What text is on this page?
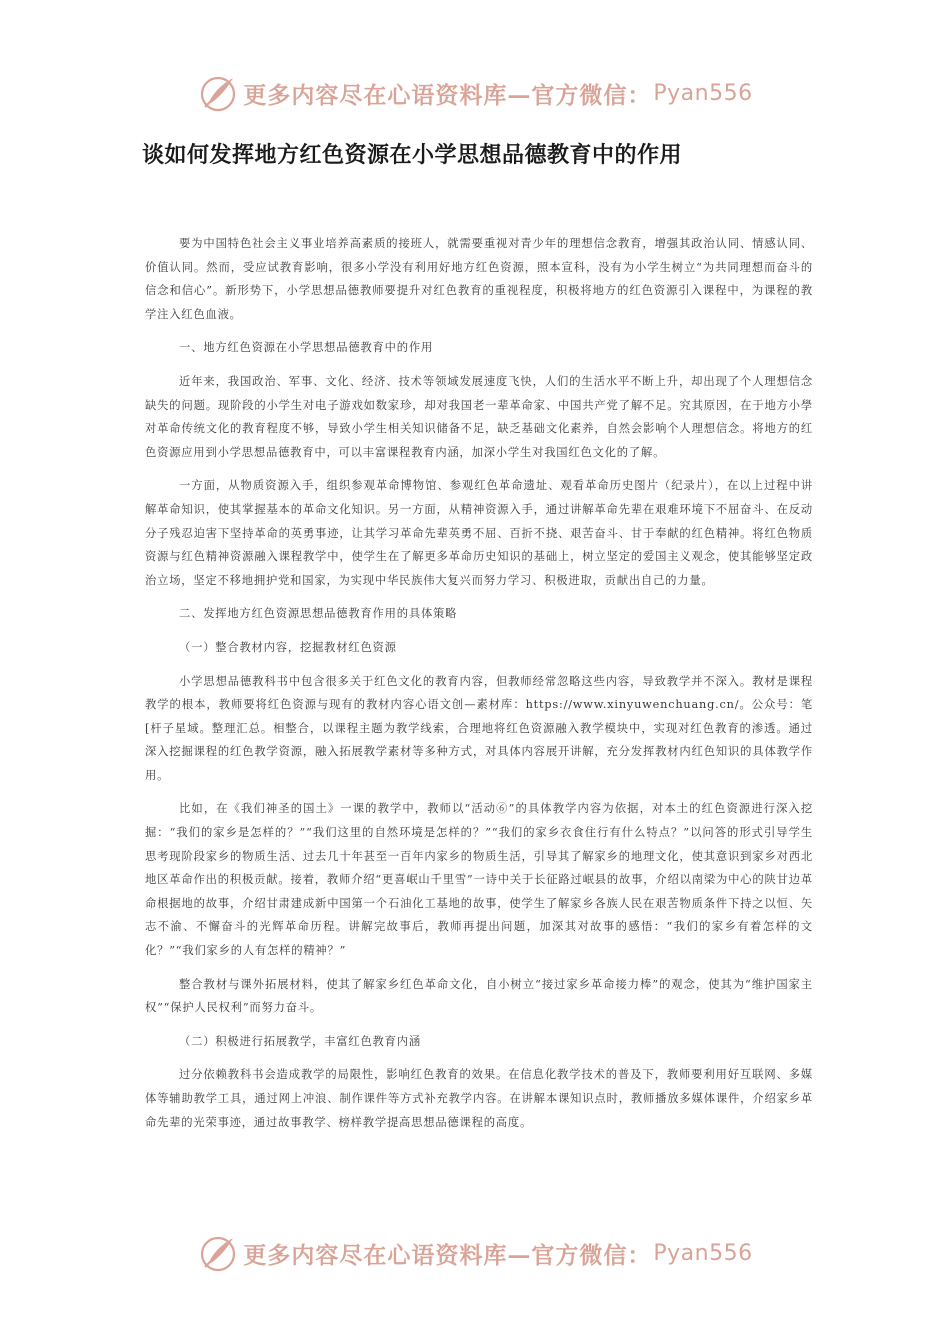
更多内容尽在心语资料库—官方微信： Pyan556
谈如何发挥地方红色资源在小学思想品德教育中的作用
要为中国特色社会主义事业培养高素质的接班人，就需要重视对青少年的理想信念教育，增强其政治认同、情感认同、价值认同。然而，受应试教育影响，很多小学没有利用好地方红色资源，照本宣科，没有为小学生树立“为共同理想而奋斗的信念和信心”。新形势下，小学思想品德教师要提升对红色教育的重视程度，积极将地方的红色资源引入课程中，为课程的教学注入红色血液。
一、地方红色资源在小学思想品德教育中的作用
近年来，我国政治、军事、文化、经济、技术等领域发展速度飞快，人们的生活水平不断上升，却出现了个人理想信念缺失的问题。现阶段的小学生对电子游戏如数家珍，却对我国老一辈革命家、中国共产党了解不足。究其原因，在于地方小學对革命传统文化的教育程度不够，导致小学生相关知识储备不足，缺乏基础文化素养，自然会影响个人理想信念。将地方的红色资源应用到小学思想品德教育中，可以丰富课程教育内涵，加深小学生对我国红色文化的了解。
一方面，从物质资源入手，组织参观革命博物馆、参观红色革命遗址、观看革命历史图片（纪录片），在以上过程中讲解革命知识，使其掌握基本的革命文化知识。另一方面，从精神资源入手，通过讲解革命先辈在艰难环境下不屈奋斗、在反动分子残忍迫害下坚持革命的英勇事迹，让其学习革命先辈英勇不屈、百折不挠、艰苦奋斗、甘于奉献的红色精神。将红色物质资源与红色精神资源融入课程教学中，使学生在了解更多革命历史知识的基础上，树立坚定的爱国主义观念，使其能够坚定政治立场，坚定不移地拥护党和国家，为实现中华民族伟大复兴而努力学习、积极进取，贡献出自己的力量。
二、发挥地方红色资源思想品德教育作用的具体策略
（一）整合教材内容，挖掘教材红色资源
小学思想品德教科书中包含很多关于红色文化的教育内容，但教师经常忽略这些内容，导致教学并不深入。教材是课程教学的根本，教师要将红色资源与现有的教材内容心语文创—素材库：https://www.xinyuwenchuang.cn/。公众号：笔[杆子星域。整理汇总。相整合，以课程主题为教学线索，合理地将红色资源融入教学模块中，实现对红色教育的渗透。通过深入挖掘课程的红色教学资源，融入拓展教学素材等多种方式，对具体内容展开讲解，充分发挥教材内红色知识的具体教学作用。
比如，在《我们神圣的国土》一课的教学中，教师以“活动⑥”的具体教学内容为依据，对本土的红色资源进行深入挖掘：“我们的家乡是怎样的？”“我们这里的自然环境是怎样的？”“我们的家乡衣食住行有什么特点？”以问答的形式引导学生思考现阶段家乡的物质生活、过去几十年甚至一百年内家乡的物质生活，引导其了解家乡的地理文化，使其意识到家乡对西北地区革命作出的积极贡献。接着，教师介绍“更喜岷山千里雪”一诗中关于长征路过岷县的故事，介绍以南梁为中心的陕甘边革命根据地的故事，介绍甘肃建成新中国第一个石油化工基地的故事，使学生了解家乡各族人民在艰苦物质条件下持之以恒、矢志不渝、不懈奋斗的光辉革命历程。讲解完故事后，教师再提出问题，加深其对故事的感悟：“我们的家乡有着怎样的文化？”“我们家乡的人有怎样的精神？”
整合教材与课外拓展材料，使其了解家乡红色革命文化，自小树立“接过家乡革命接力棒”的观念，使其为“维护国家主权”“保护人民权利”而努力奋斗。
（二）积极进行拓展教学，丰富红色教育内涵
过分依赖教科书会造成教学的局限性，影响红色教育的效果。在信息化教学技术的普及下，教师要利用好互联网、多媒体等辅助教学工具，通过网上冲浪、制作课件等方式补充教学内容。在讲解本课知识点时，教师播放多媒体课件，介绍家乡革命先辈的光荣事迹，通过故事教学、榜样教学提高思想品德课程的高度。
更多内容尽在心语资料库—官方微信： Pyan556
